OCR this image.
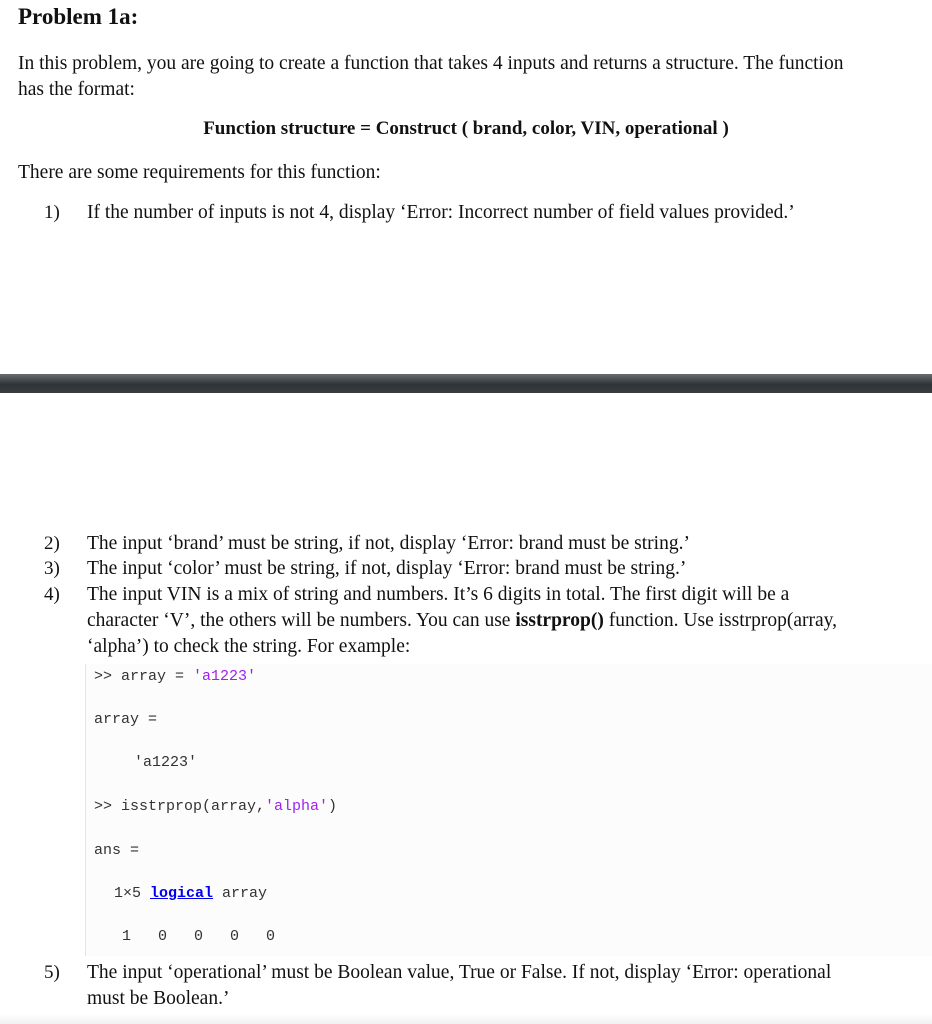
Problem 1a:
In this problem, you are going to create a function that takes 4 inputs and returns a structure. The function
has the format:
Function structure = Construct ( brand, color, VIN, operational )
There are some requirements for this function:
1) If the number of inputs is not 4, display ‘Error: Incorrect number of field values provided.’
2) The input ‘brand’ must be string, if not, display ‘Error: brand must be string.’
3) The input ‘color’ must be string, if not, display ‘Error: brand must be string.’
4) The input VIN is a mix of string and numbers. It’s 6 digits in total. The first digit will be a
character ‘V’, the others will be numbers. You can use isstrprop() function. Use isstrprop(array,
‘alpha’) to check the string. For example:
>> array = 'a1223'
array =
'a1223'
>> isstrprop(array,'alpha')
ans =
1×5 logical array
1   0   0   0   0
5) The input ‘operational’ must be Boolean value, True or False. If not, display ‘Error: operational
must be Boolean.’
